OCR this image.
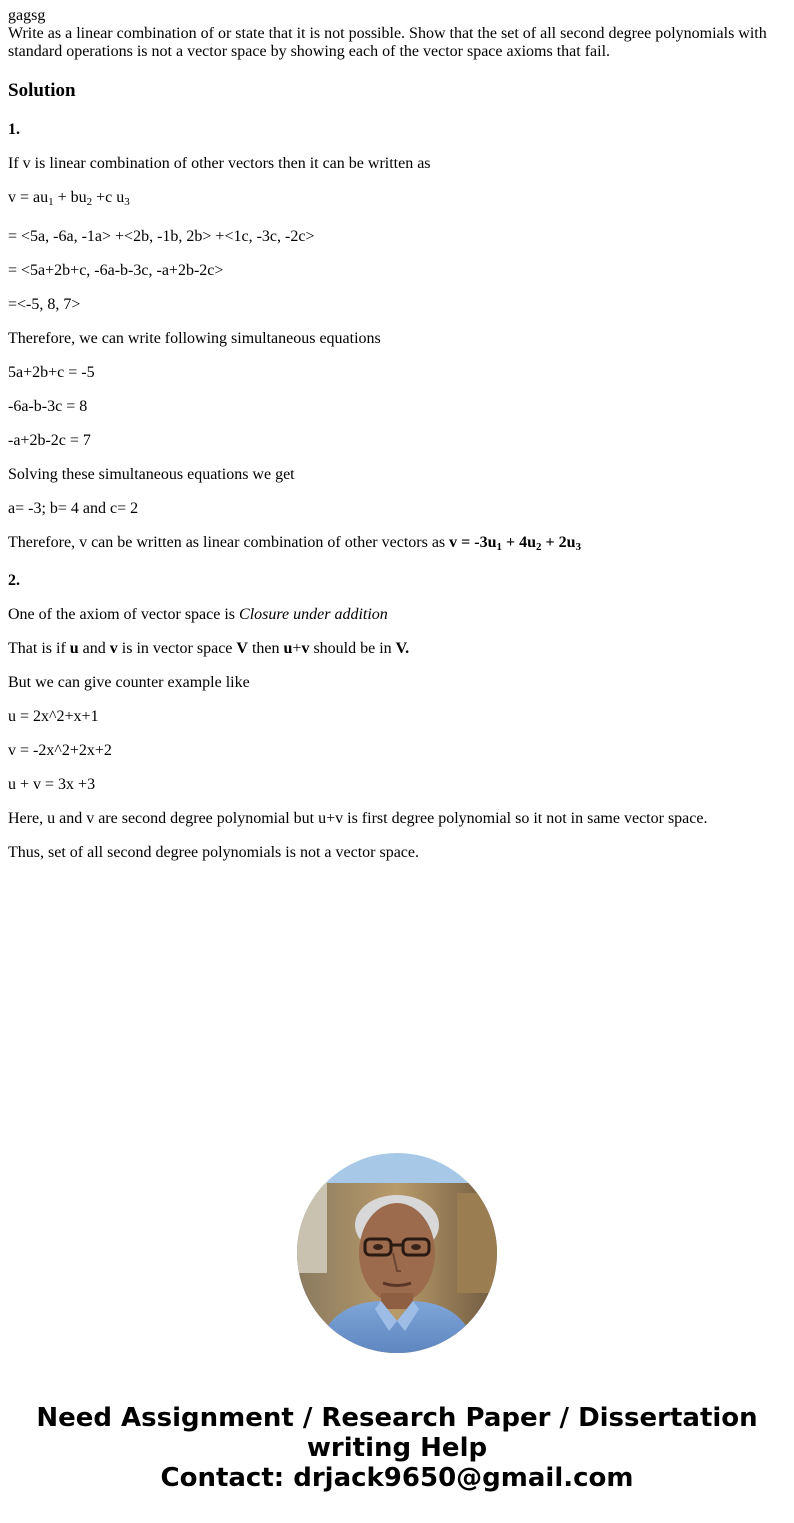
gagsg

Write as a linear combination of or state that it is not possible. Show that the set of all second degree polynomials with standard operations is not a vector space by showing each of the vector space axioms that fail.

Solution

1.

If v is linear combination of other vectors then it can be written as

$v = au_1 + bu_2 +c$ $u_3$

= <5a, -6a, -1a> +<2b, -1b, 2b> +<1c, -3c, -2c>

= <5a+2b+c, -6a-b-3c, -a+2b-2c>

=<-5, 8, 7>

Therefore, we can write following simultaneous equations

5a+2b+c = -5

-6a-b-3c = 8

-a+2b-2c = 7

Solving these simultaneous equations we get

a= -3; b= 4 and c= 2

Therefore, v can be written as linear combination of other vectors as $v = -3u_1 + 4u_2 + 2u_3$

2.

One of the axiom of vector space is Closure under addition

That is if u and v is in vector space V then u+v should be in V.

But we can give counter example like

u = 2x^2+x+1

v = -2x^2+2x+2

u + v = 3x +3

Here, u and v are second degree polynomial but u+v is first degree polynomial so it not in same vector space.

Thus, set of all second degree polynomials is not a vector space.

Need Assignment / Research Paper / Dissertation
writing Help
Contact: drjack9650@gmail.com
